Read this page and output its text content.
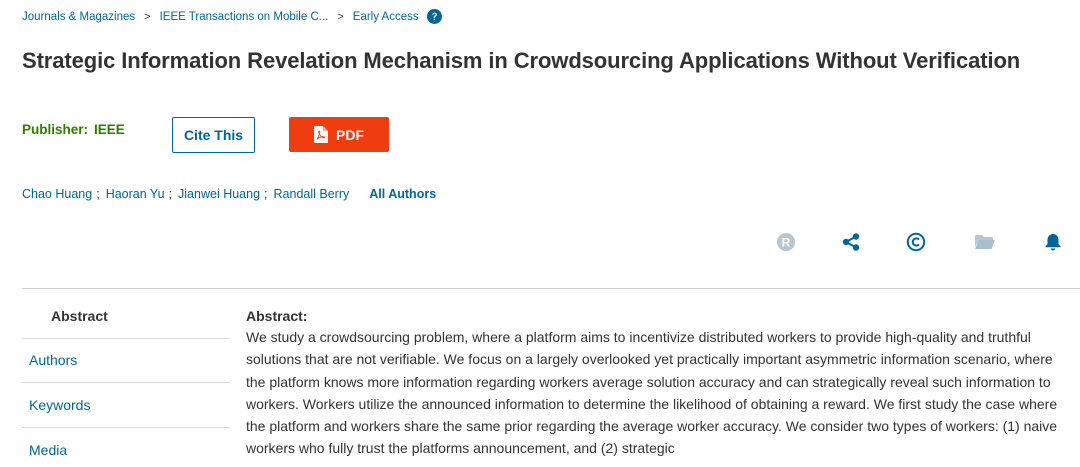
Journals & Magazines > IEEE Transactions on Mobile C... > Early Access
Strategic Information Revelation Mechanism in Crowdsourcing Applications Without Verification
Publisher: IEEE	Cite This	PDF
Chao Huang ; Haoran Yu ; Jianwei Huang ; Randall Berry All Authors
R
Abstract
Authors
Keywords
Media
Abstract:
We study a crowdsourcing problem, where a platform aims to incentivize distributed workers to provide high-quality and truthful solutions that are not verifiable. We focus on a largely overlooked yet practically important asymmetric information scenario, where the platform knows more information regarding workers average solution accuracy and can strategically reveal such information to workers. Workers utilize the announced information to determine the likelihood of obtaining a reward. We first study the case where the platform and workers share the same prior regarding the average worker accuracy. We consider two types of workers: (1) naive workers who fully trust the platforms announcement, and (2) strategic
